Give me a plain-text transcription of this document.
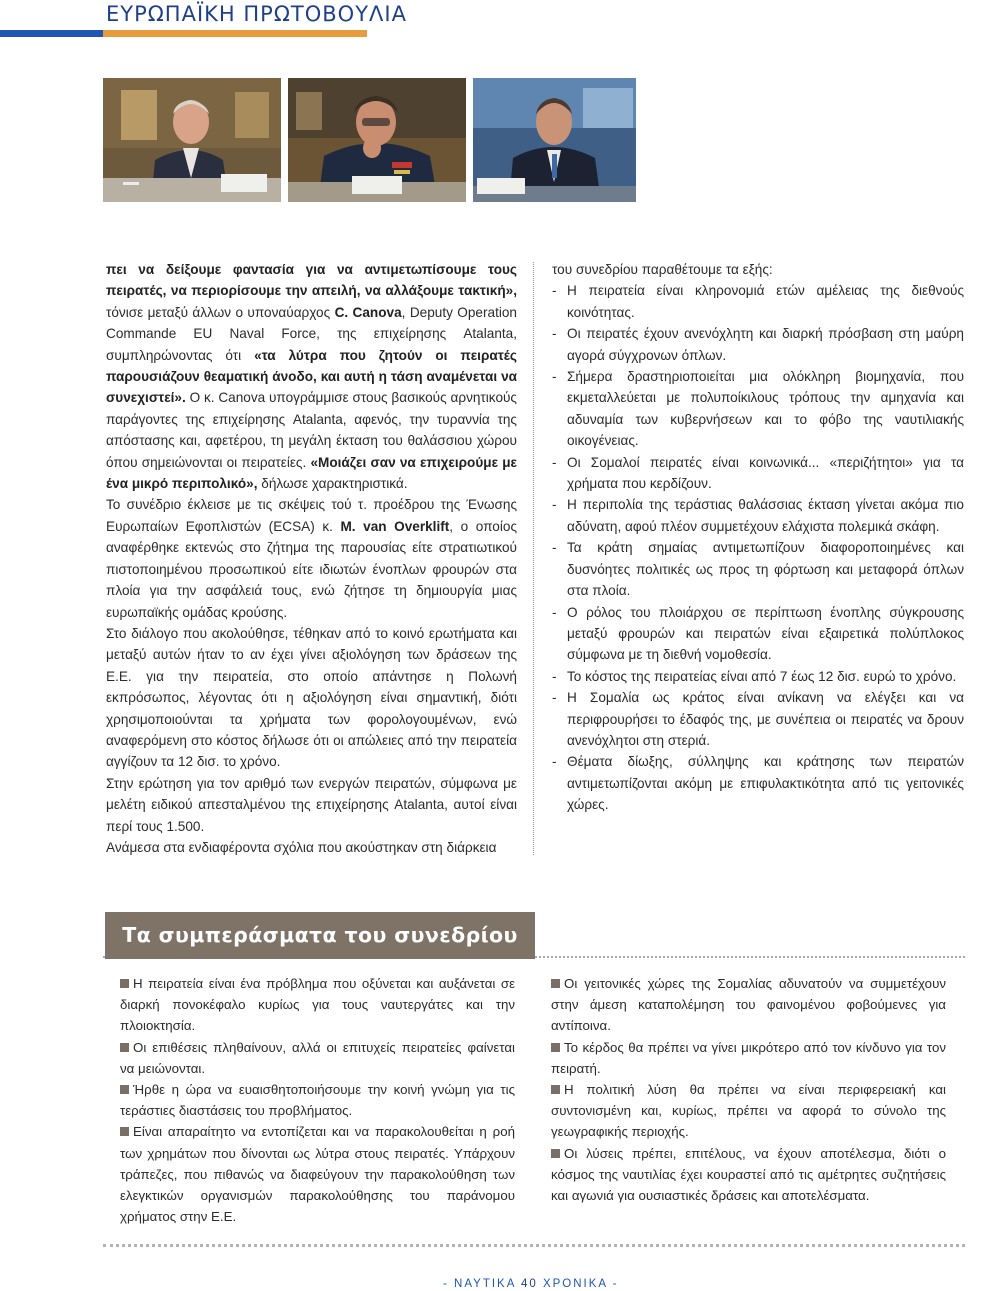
ΕΥΡΩΠΑΪΚΗ ΠΡΩΤΟΒΟΥΛΙΑ

πει να δείξουμε φαντασία για να αντιμετωπίσουμε τους πειρατές, να περιορίσουμε την απειλή, να αλλάξουμε τακτική», τόνισε μεταξύ άλλων ο υποναύαρχος C. Canova, Deputy Operation Commande EU Naval Force, της επιχείρησης Atalanta, συμπληρώνοντας ότι «τα λύτρα που ζητούν οι πειρατές παρουσιάζουν θεαματική άνοδο, και αυτή η τάση αναμένεται να συνεχιστεί». Ο κ. Canova υπογράμμισε στους βασικούς αρνητικούς παράγοντες της επιχείρησης Atalanta, αφενός, την τυραννία της απόστασης και, αφετέρου, τη μεγάλη έκταση του θαλάσσιου χώρου όπου σημειώνονται οι πειρατείες. «Μοιάζει σαν να επιχειρούμε με ένα μικρό περιπολικό», δήλωσε χαρακτηριστικά.
Το συνέδριο έκλεισε με τις σκέψεις τού τ. προέδρου της Ένωσης Ευρωπαίων Εφοπλιστών (ECSA) κ. M. van Overklift, ο οποίος αναφέρθηκε εκτενώς στο ζήτημα της παρουσίας είτε στρατιωτικού πιστοποιημένου προσωπικού είτε ιδιωτών ένοπλων φρουρών στα πλοία για την ασφάλειά τους, ενώ ζήτησε τη δημιουργία μιας ευρωπαϊκής ομάδας κρούσης.
Στο διάλογο που ακολούθησε, τέθηκαν από το κοινό ερωτήματα και μεταξύ αυτών ήταν το αν έχει γίνει αξιολόγηση των δράσεων της Ε.Ε. για την πειρατεία, στο οποίο απάντησε η Πολωνή εκπρόσωπος, λέγοντας ότι η αξιολόγηση είναι σημαντική, διότι χρησιμοποιούνται τα χρήματα των φορολογουμένων, ενώ αναφερόμενη στο κόστος δήλωσε ότι οι απώλειες από την πειρατεία αγγίζουν τα 12 δισ. το χρόνο.
Στην ερώτηση για τον αριθμό των ενεργών πειρατών, σύμφωνα με μελέτη ειδικού απεσταλμένου της επιχείρησης Atalanta, αυτοί είναι περί τους 1.500.
Ανάμεσα στα ενδιαφέροντα σχόλια που ακούστηκαν στη διάρκεια

του συνεδρίου παραθέτουμε τα εξής:

- Η πειρατεία είναι κληρονομιά ετών αμέλειας της διεθνούς κοινότητας.
- Οι πειρατές έχουν ανενόχλητη και διαρκή πρόσβαση στη μαύρη αγορά σύγχρονων όπλων.
- Σήμερα δραστηριοποιείται μια ολόκληρη βιομηχανία, που εκμεταλλεύεται με πολυποίκιλους τρόπους την αμηχανία και αδυναμία των κυβερνήσεων και το φόβο της ναυτιλιακής οικογένειας.
- Οι Σομαλοί πειρατές είναι κοινωνικά... «περιζήτητοι» για τα χρήματα που κερδίζουν.
- Η περιπολία της τεράστιας θαλάσσιας έκταση γίνεται ακόμα πιο αδύνατη, αφού πλέον συμμετέχουν ελάχιστα πολεμικά σκάφη.
- Τα κράτη σημαίας αντιμετωπίζουν διαφοροποιημένες και δυσνόητες πολιτικές ως προς τη φόρτωση και μεταφορά όπλων στα πλοία.
- Ο ρόλος του πλοιάρχου σε περίπτωση ένοπλης σύγκρουσης μεταξύ φρουρών και πειρατών είναι εξαιρετικά πολύπλοκος σύμφωνα με τη διεθνή νομοθεσία.
- Το κόστος της πειρατείας είναι από 7 έως 12 δισ. ευρώ το χρόνο.
- Η Σομαλία ως κράτος είναι ανίκανη να ελέγξει και να περιφρουρήσει το έδαφός της, με συνέπεια οι πειρατές να δρουν ανενόχλητοι στη στεριά.
- Θέματα δίωξης, σύλληψης και κράτησης των πειρατών αντιμετωπίζονται ακόμη με επιφυλακτικότητα από τις γειτονικές χώρες.
Τα συμπεράσματα του συνεδρίου

Η πειρατεία είναι ένα πρόβλημα που οξύνεται και αυξάνεται σε διαρκή πονοκέφαλο κυρίως για τους ναυτεργάτες και την πλοιοκτησία.

Οι επιθέσεις πληθαίνουν, αλλά οι επιτυχείς πειρατείες φαίνεται να μειώνονται.

Ήρθε η ώρα να ευαισθητοποιήσουμε την κοινή γνώμη για τις τεράστιες διαστάσεις του προβλήματος.

Είναι απαραίτητο να εντοπίζεται και να παρακολουθείται η ροή των χρημάτων που δίνονται ως λύτρα στους πειρατές. Υπάρχουν τράπεζες, που πιθανώς να διαφεύγουν την παρακολούθηση των ελεγκτικών οργανισμών παρακολούθησης του παράνομου χρήματος στην Ε.Ε.

Οι γειτονικές χώρες της Σομαλίας αδυνατούν να συμμετέχουν στην άμεση καταπολέμηση του φαινομένου φοβούμενες για αντίποινα.

Το κέρδος θα πρέπει να γίνει μικρότερο από τον κίνδυνο για τον πειρατή.

Η πολιτική λύση θα πρέπει να είναι περιφερειακή και συντονισμένη και, κυρίως, πρέπει να αφορά το σύνολο της γεωγραφικής περιοχής.

Οι λύσεις πρέπει, επιτέλους, να έχουν αποτέλεσμα, διότι ο κόσμος της ναυτιλίας έχει κουραστεί από τις αμέτρητες συζητήσεις και αγωνιά για ουσιαστικές δράσεις και αποτελέσματα.

- ΝΑΥΤΙΚΑ 40 ΧΡΟΝΙΚΑ -
